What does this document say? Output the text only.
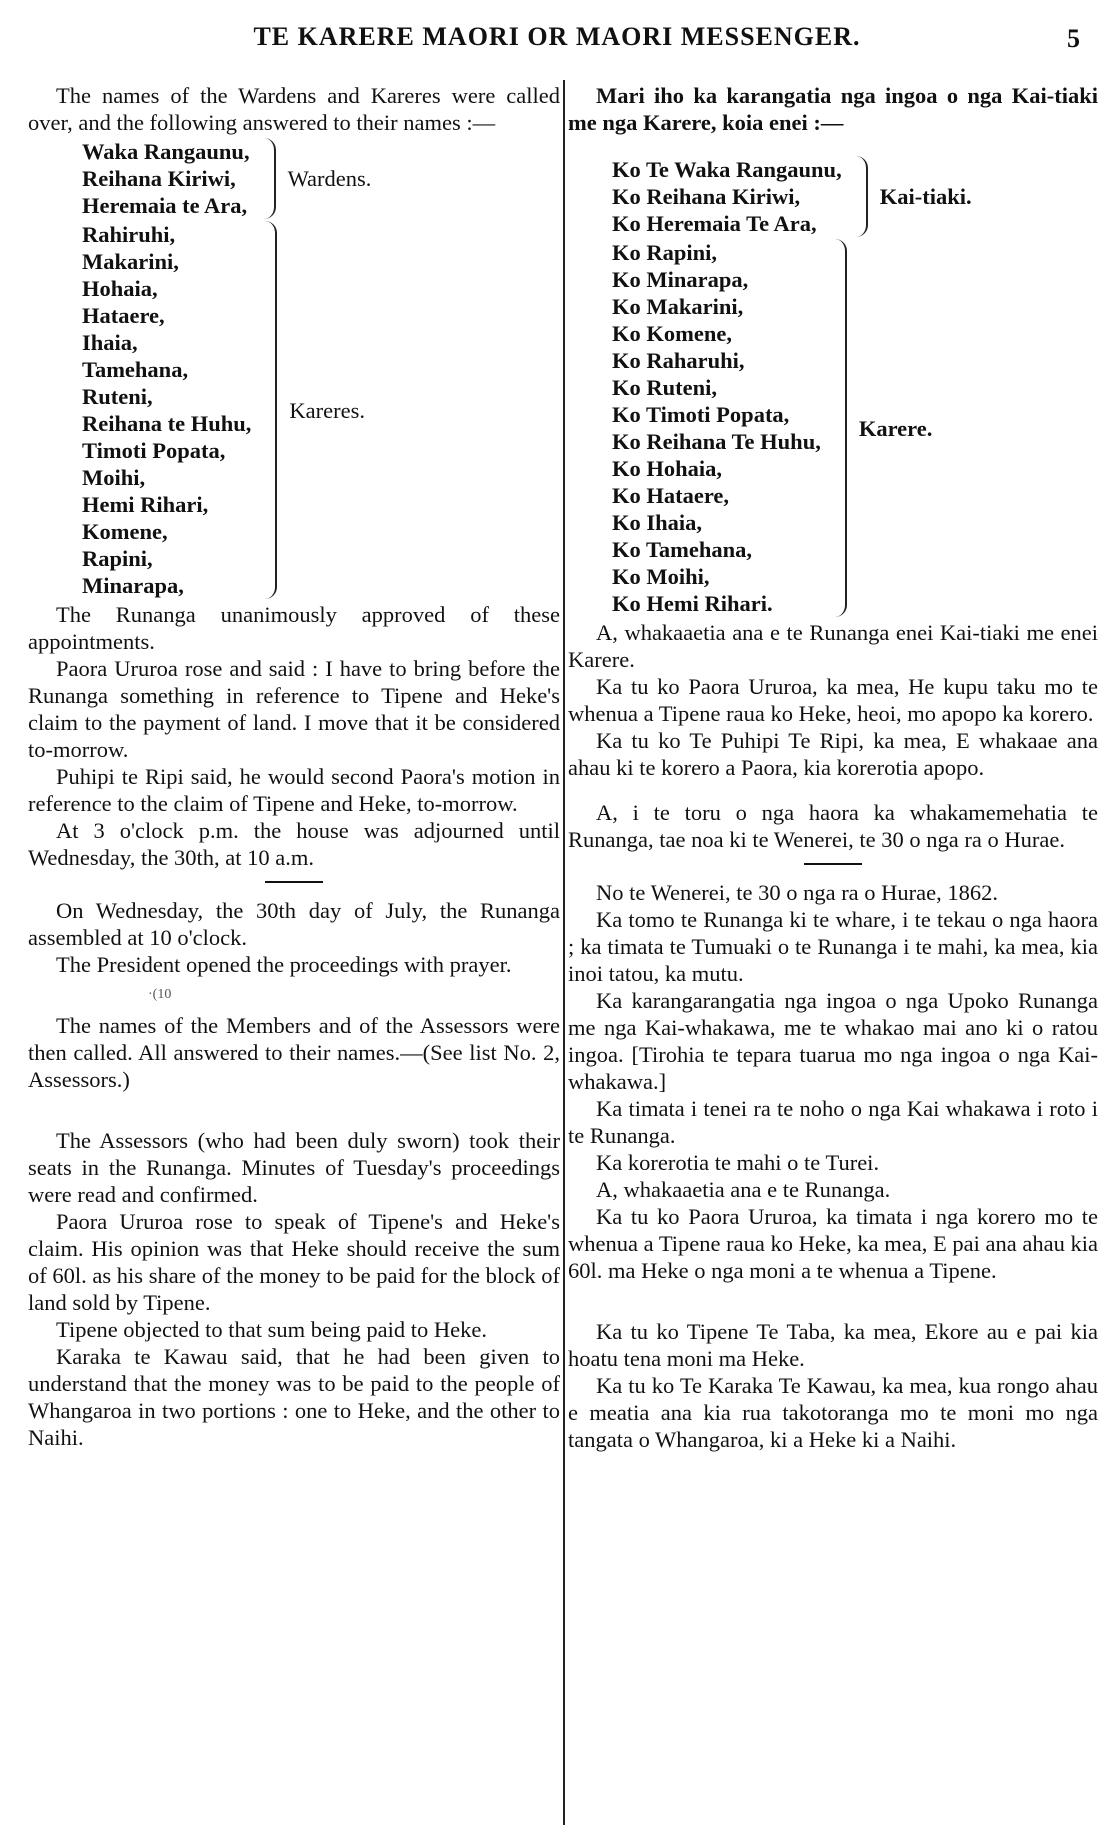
TE KARERE MAORI OR MAORI MESSENGER.	5

The names of the Wardens and Kareres were called over, and the following answered to their names :—

Waka Rangaunu,
Reihana Kiriwi,
Heremaia te Ara,
Wardens.
Rahiruhi,
Makarini,
Hohaia,
Hataere,
Ihaia,
Tamehana,
Ruteni,
Reihana te Huhu,
Timoti Popata,
Moihi,
Hemi Rihari,
Komene,
Rapini,
Minarapa,
Kareres.

The Runanga unanimously approved of these appointments.

Paora Ururoa rose and said : I have to bring before the Runanga something in reference to Tipene and Heke's claim to the payment of land. I move that it be considered to-morrow.

Puhipi te Ripi said, he would second Paora's motion in reference to the claim of Tipene and Heke, to-morrow.

At 3 o'clock p.m. the house was adjourned until Wednesday, the 30th, at 10 a.m.

On Wednesday, the 30th day of July, the Runanga assembled at 10 o'clock.

The President opened the proceedings with prayer.

·(10

The names of the Members and of the Assessors were then called. All answered to their names.—(See list No. 2, Assessors.)

The Assessors (who had been duly sworn) took their seats in the Runanga. Minutes of Tuesday's proceedings were read and confirmed.

Paora Ururoa rose to speak of Tipene's and Heke's claim. His opinion was that Heke should receive the sum of 60l. as his share of the money to be paid for the block of land sold by Tipene.

Tipene objected to that sum being paid to Heke.

Karaka te Kawau said, that he had been given to understand that the money was to be paid to the people of Whangaroa in two portions : one to Heke, and the other to Naihi.

Mari iho ka karangatia nga ingoa o nga Kai-tiaki me nga Karere, koia enei :—

Ko Te Waka Rangaunu,
Ko Reihana Kiriwi,
Ko Heremaia Te Ara,
Kai-tiaki.
Ko Rapini,
Ko Minarapa,
Ko Makarini,
Ko Komene,
Ko Raharuhi,
Ko Ruteni,
Ko Timoti Popata,
Ko Reihana Te Huhu,
Ko Hohaia,
Ko Hataere,
Ko Ihaia,
Ko Tamehana,
Ko Moihi,
Ko Hemi Rihari.
Karere.

A, whakaaetia ana e te Runanga enei Kai-tiaki me enei Karere.

Ka tu ko Paora Ururoa, ka mea, He kupu taku mo te whenua a Tipene raua ko Heke, heoi, mo apopo ka korero.

Ka tu ko Te Puhipi Te Ripi, ka mea, E whakaae ana ahau ki te korero a Paora, kia korerotia apopo.

A, i te toru o nga haora ka whakamemehatia te Runanga, tae noa ki te Wenerei, te 30 o nga ra o Hurae.

No te Wenerei, te 30 o nga ra o Hurae, 1862.

Ka tomo te Runanga ki te whare, i te tekau o nga haora ; ka timata te Tumuaki o te Runanga i te mahi, ka mea, kia inoi tatou, ka mutu.

Ka karangarangatia nga ingoa o nga Upoko Runanga me nga Kai-whakawa, me te whakao mai ano ki o ratou ingoa. [Tirohia te tepara tuarua mo nga ingoa o nga Kai-whakawa.]

Ka timata i tenei ra te noho o nga Kai whakawa i roto i te Runanga.

Ka korerotia te mahi o te Turei.

A, whakaaetia ana e te Runanga.

Ka tu ko Paora Ururoa, ka timata i nga korero mo te whenua a Tipene raua ko Heke, ka mea, E pai ana ahau kia 60l. ma Heke o nga moni a te whenua a Tipene.

Ka tu ko Tipene Te Taba, ka mea, Ekore au e pai kia hoatu tena moni ma Heke.

Ka tu ko Te Karaka Te Kawau, ka mea, kua rongo ahau e meatia ana kia rua takotoranga mo te moni mo nga tangata o Whangaroa, ki a Heke ki a Naihi.
